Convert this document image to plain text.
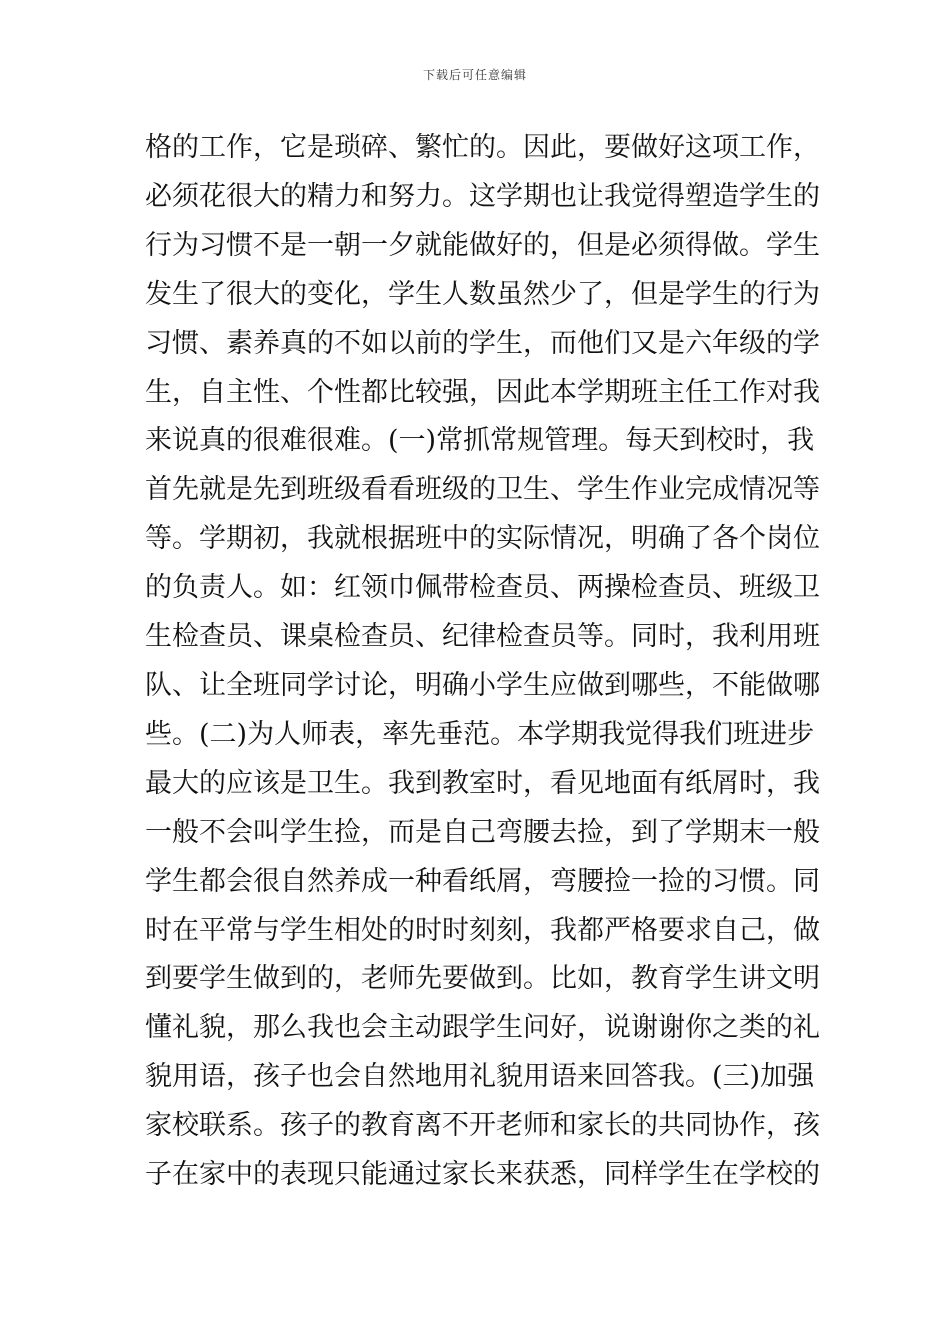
下载后可任意编辑
格的工作，它是琐碎、繁忙的。因此，要做好这项工作，
必须花很大的精力和努力。这学期也让我觉得塑造学生的
行为习惯不是一朝一夕就能做好的，但是必须得做。学生
发生了很大的变化，学生人数虽然少了，但是学生的行为
习惯、素养真的不如以前的学生，而他们又是六年级的学
生，自主性、个性都比较强，因此本学期班主任工作对我
来说真的很难很难。(一)常抓常规管理。每天到校时，我
首先就是先到班级看看班级的卫生、学生作业完成情况等
等。学期初，我就根据班中的实际情况，明确了各个岗位
的负责人。如：红领巾佩带检查员、两操检查员、班级卫
生检查员、课桌检查员、纪律检查员等。同时，我利用班
队、让全班同学讨论，明确小学生应做到哪些，不能做哪
些。(二)为人师表，率先垂范。本学期我觉得我们班进步
最大的应该是卫生。我到教室时，看见地面有纸屑时，我
一般不会叫学生捡，而是自己弯腰去捡，到了学期末一般
学生都会很自然养成一种看纸屑，弯腰捡一捡的习惯。同
时在平常与学生相处的时时刻刻，我都严格要求自己，做
到要学生做到的，老师先要做到。比如，教育学生讲文明
懂礼貌，那么我也会主动跟学生问好，说谢谢你之类的礼
貌用语，孩子也会自然地用礼貌用语来回答我。(三)加强
家校联系。孩子的教育离不开老师和家长的共同协作，孩
子在家中的表现只能通过家长来获悉，同样学生在学校的
